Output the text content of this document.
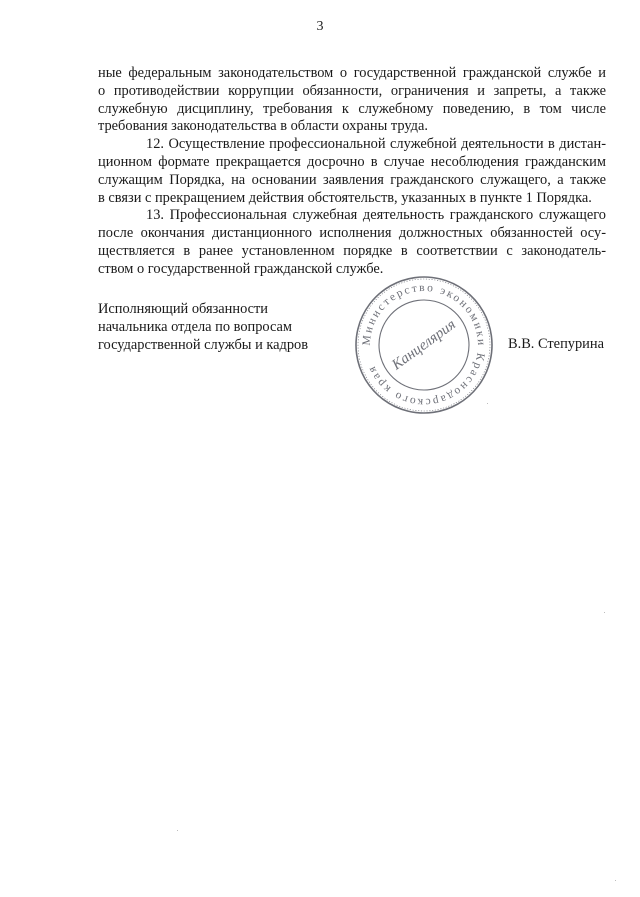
3

ные федеральным законодательством о государственной гражданской службе и
о противодействии коррупции обязанности, ограничения и запреты, а также
служебную дисциплину, требования к служебному поведению, в том числе
требования законодательства в области охраны труда.

12. Осуществление профессиональной служебной деятельности в дистан-
ционном формате прекращается досрочно в случае несоблюдения гражданским
служащим Порядка, на основании заявления гражданского служащего, а также
в связи с прекращением действия обстоятельств, указанных в пункте 1 Порядка.

13. Профессиональная служебная деятельность гражданского служащего
после окончания дистанционного исполнения должностных обязанностей осу-
ществляется в ранее установленном порядке в соответствии с законодатель-
ством о государственной гражданской службе.

Исполняющий обязанности
начальника отдела по вопросам
государственной службы и кадров	Министерство экономики Краснодарского края Канцелярия	В.В. Степурина
